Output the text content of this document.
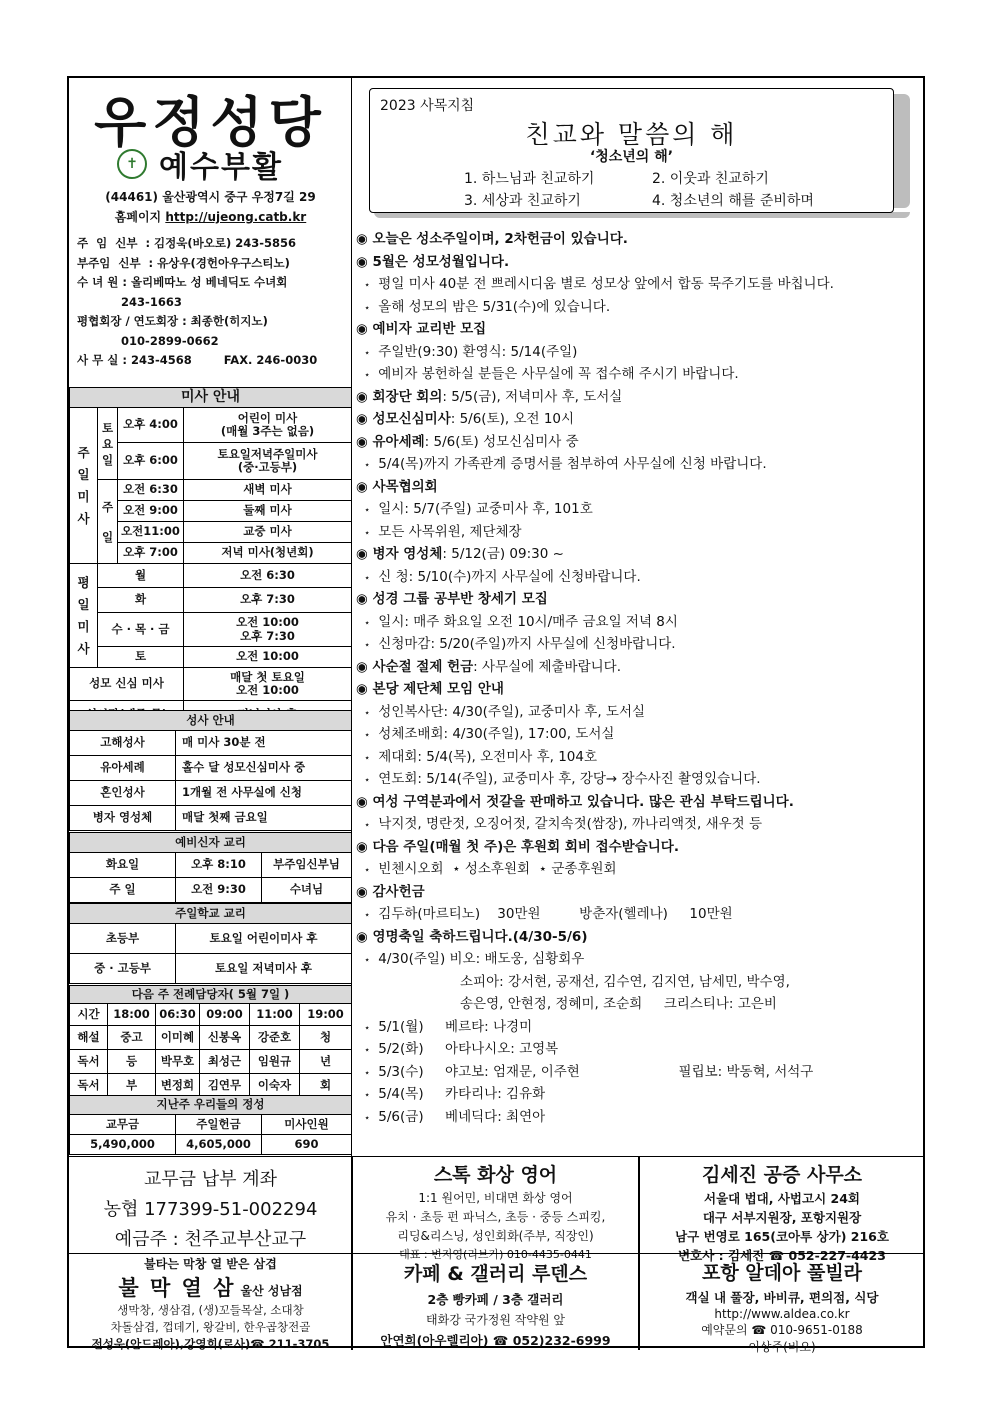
우정성당
✝ 예수부활
(44461) 울산광역시 중구 우정7길 29
홈페이지 http://ujeong.catb.kr
주  임  신부  : 김정욱(바오로) 243-5856
부주임  신부  : 유상우(경헌아우구스티노)
수 녀 원 : 올리베따노 성 베네딕도 수녀회
243-1663
평협회장 / 연도회장 : 최종한(히지노)
010-2899-0662
사 무 실 : 243-4568        FAX. 246-0030
미사 안내			
주
일
미
사	토
요
일	오후 4:00	어린이 미사
(매월 3주는 없음)
		오후 6:00	토요일저녁주일미사
(중·고등부)
	주
일	오전 6:30	새벽 미사
		오전 9:00	둘째 미사
		오전11:00	교중 미사
		오후 7:00	저녁 미사(청년회)
평
일
미
사	월		오전 6:30
	화		오후 7:30
	수 · 목 · 금		오전 10:00
오후 7:30
	토		오전 10:00
성모 신심 미사			매달 첫 토요일
오전 10:00

성사 안내	
고해성사	매 미사 30분 전
유아세례	홀수 달 성모신심미사 중
혼인성사	1개월 전 사무실에 신청
병자 영성체	매달 첫째 금요일
예비신자 교리		
화요일	오후 8:10	부주임신부님
주 일	오전 9:30	수녀님
주일학교 교리	
초등부	토요일 어린이미사 후
중 · 고등부	토요일 저녁미사 후
다음 주 전례담당자( 5월 7일 )					
시간	18:00	06:30	09:00	11:00	19:00
해설	중고	이미혜	신봉옥	강준호	청
독서	등	박무호	최성근	임원규	년
독서	부	변정희	김연무	이숙자	회
지난주 우리들의 정성		
교무금	주일헌금	미사인원
5,490,000	4,605,000	690
2023 사목지침
친교와 말씀의 해
‘청소년의 해’
1. 하느님과 친교하기	2. 이웃과 친교하기
3. 세상과 친교하기	4. 청소년의 해를 준비하며
◉ 오늘은 성소주일이며, 2차헌금이 있습니다.
◉ 5월은 성모성월입니다.
⋆ 평일 미사 40분 전 쁘레시디움 별로 성모상 앞에서 합동 묵주기도를 바칩니다.
⋆ 올해 성모의 밤은 5/31(수)에 있습니다.
◉ 예비자 교리반 모집
⋆ 주일반(9:30) 환영식: 5/14(주일)
⋆ 예비자 봉헌하실 분들은 사무실에 꼭 접수해 주시기 바랍니다.
◉ 회장단 회의: 5/5(금), 저녁미사 후, 도서실
◉ 성모신심미사: 5/6(토), 오전 10시
◉ 유아세례: 5/6(토) 성모신심미사 중
⋆ 5/4(목)까지 가족관계 증명서를 첨부하여 사무실에 신청 바랍니다.
◉ 사목협의회
⋆ 일시: 5/7(주일) 교중미사 후, 101호
⋆ 모든 사목위원, 제단체장
◉ 병자 영성체: 5/12(금) 09:30 ~
⋆ 신 청: 5/10(수)까지 사무실에 신청바랍니다.
◉ 성경 그룹 공부반 창세기 모집
⋆ 일시: 매주 화요일 오전 10시/매주 금요일 저녁 8시
⋆ 신청마감: 5/20(주일)까지 사무실에 신청바랍니다.
◉ 사순절 절제 헌금: 사무실에 제출바랍니다.
◉ 본당 제단체 모임 안내
⋆ 성인복사단: 4/30(주일), 교중미사 후, 도서실
⋆ 성체조배회: 4/30(주일), 17:00, 도서실
⋆ 제대회: 5/4(목), 오전미사 후, 104호
⋆ 연도회: 5/14(주일), 교중미사 후, 강당→ 장수사진 촬영있습니다.
◉ 여성 구역분과에서 젓갈을 판매하고 있습니다. 많은 관심 부탁드립니다.
⋆ 낙지젓, 명란젓, 오징어젓, 갈치속젓(쌈장), 까나리액젓, 새우젓 등
◉ 다음 주일(매월 첫 주)은 후원회 회비 접수받습니다.
⋆ 빈첸시오회  ⋆ 성소후원회  ⋆ 군종후원회
◉ 감사헌금
⋆ 김두하(마르티노)    30만원         방춘자(헬레나)     10만원
◉ 영명축일 축하드립니다.(4/30-5/6)
⋆ 4/30(주일) 비오: 배도웅, 심황회우
소피아: 강서현, 공재선, 김수연, 김지연, 남세민, 박수영,
송은영, 안현정, 정혜미, 조순희     크리스티나: 고은비
⋆ 5/1(월)     베르타: 나경미
⋆ 5/2(화)     아타나시오: 고영복
⋆ 5/3(수)     야고보: 엄재문, 이주현                       필립보: 박동혁, 서석구
⋆ 5/4(목)     카타리나: 김유화
⋆ 5/6(금)     베네딕다: 최연아
교무금 납부 계좌
농협 177399-51-002294
예금주 : 천주교부산교구
스톡 화상 영어
1:1 원어민, 비대면 화상 영어
유치 · 초등 펀 파닉스, 초등 · 중등 스피킹,
리딩&리스닝, 성인회화(주부, 직장인)
대표 : 변지영(리브가) 010-4435-0441
김세진 공증 사무소
서울대 법대, 사법고시 24회
대구 서부지원장, 포항지원장
남구 번영로 165(코아투 상가) 216호
변호사 : 김세진 ☎ 052-227-4423
불타는 막창 열 받은 삼겹
불 막 열 삼 울산 성남점
생막창, 생삼겹, (생)꼬들목살, 소대창
차돌삼겹, 껍데기, 왕갈비, 한우곱창전골
전성욱(안드레아),강영희(로사)☎ 211-3705
카페 & 갤러리 루덴스
2층 빵카페 / 3층 갤러리
태화강 국가정원 작약원 앞
안연희(아우렐리아) ☎ 052)232-6999
포항 알데아 풀빌라
객실 내 풀장, 바비큐, 편의점, 식당
http://www.aldea.co.kr
예약문의 ☎ 010-9651-0188
이상주(비오)
